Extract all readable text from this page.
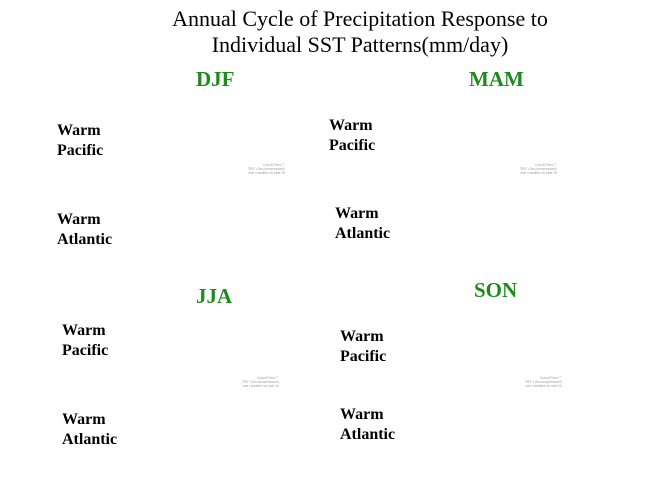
Annual Cycle of Precipitation Response to
Individual SST Patterns(mm/day)
DJF
Warm
Pacific
QuickTime™
TIFF (Uncompressed)
are needed to see th
Warm
Atlantic
MAM
Warm
Pacific
QuickTime™
TIFF (Uncompressed)
are needed to see th
Warm
Atlantic
JJA
Warm
Pacific
QuickTime™
TIFF (Uncompressed)
are needed to see th
Warm
Atlantic
SON
Warm
Pacific
QuickTime™
TIFF (Uncompressed)
are needed to see th
Warm
Atlantic
